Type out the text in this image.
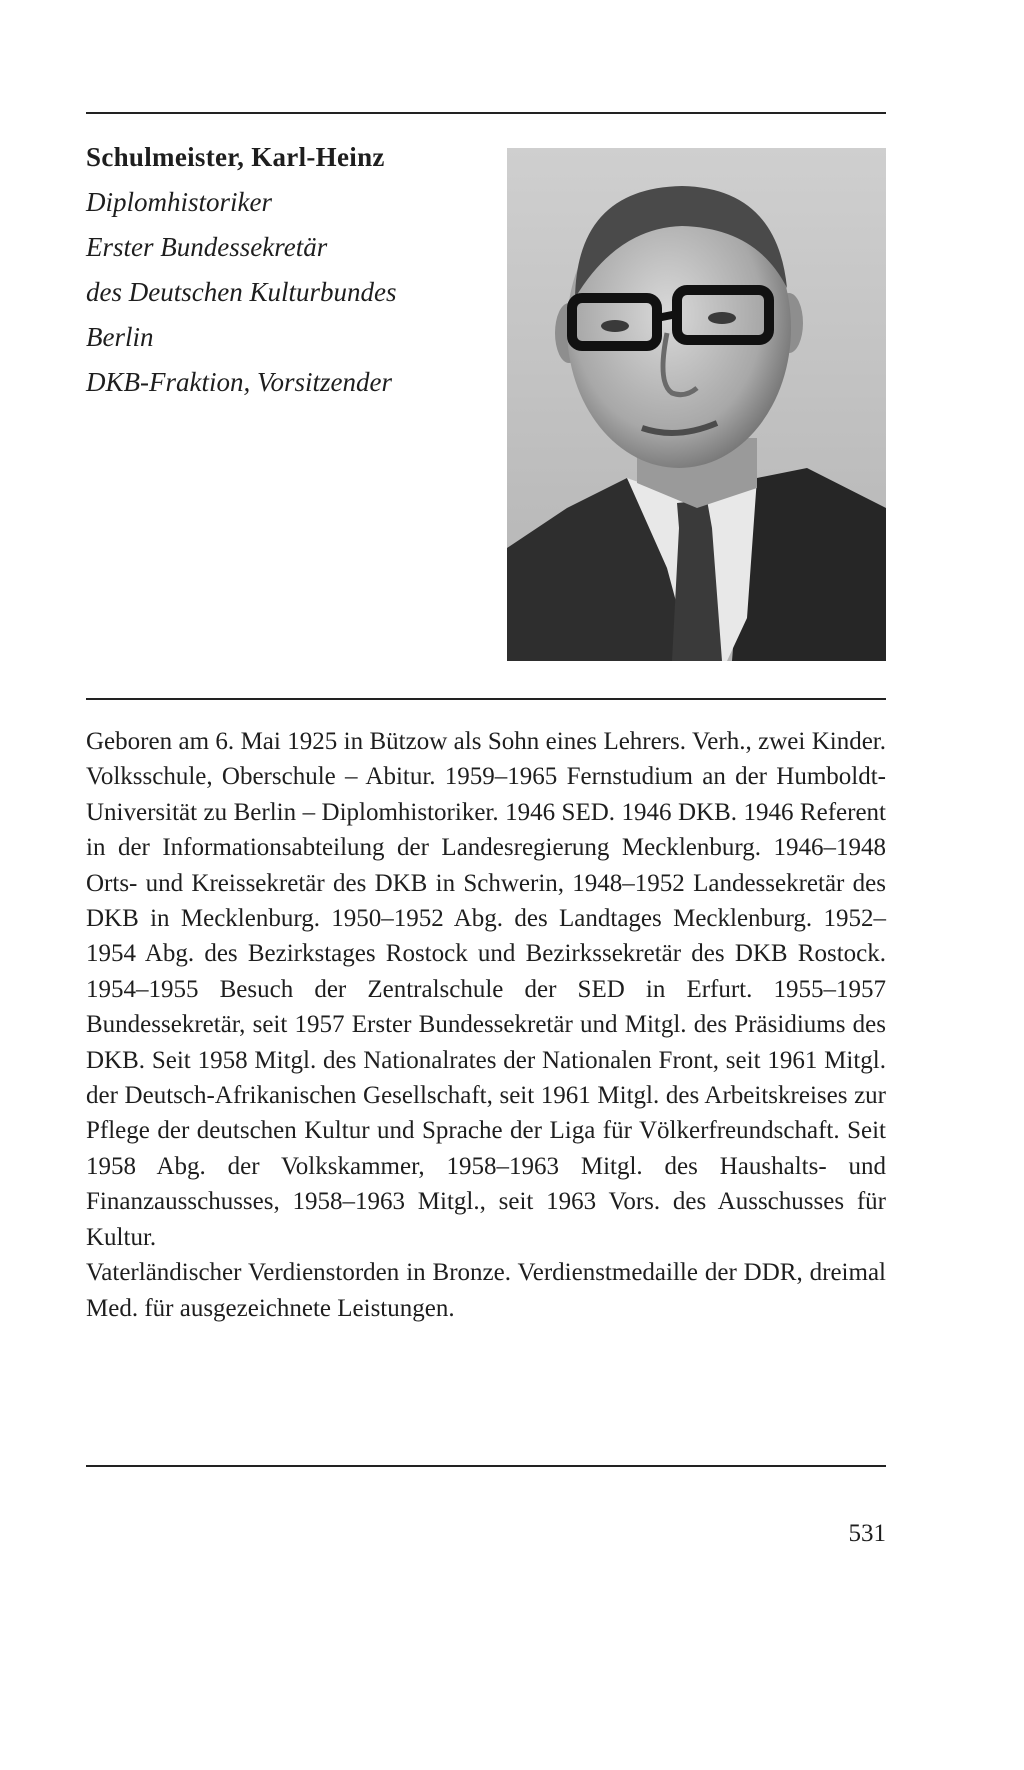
Schulmeister, Karl-Heinz
Diplomhistoriker
Erster Bundessekretär
des Deutschen Kulturbundes
Berlin
DKB-Fraktion, Vorsitzender

Geboren am 6. Mai 1925 in Bützow als Sohn eines Lehrers. Verh., zwei Kinder. Volksschule, Oberschule – Abitur. 1959–1965 Fernstudium an der Humboldt-Universität zu Berlin – Diplomhistoriker. 1946 SED. 1946 DKB. 1946 Referent in der Informationsabteilung der Landesregierung Mecklenburg. 1946–1948 Orts- und Kreissekretär des DKB in Schwerin, 1948–1952 Landessekretär des DKB in Mecklenburg. 1950–1952 Abg. des Landtages Mecklenburg. 1952–1954 Abg. des Bezirkstages Rostock und Bezirkssekretär des DKB Rostock. 1954–1955 Besuch der Zentralschule der SED in Erfurt. 1955–1957 Bundessekretär, seit 1957 Erster Bundessekretär und Mitgl. des Präsidiums des DKB. Seit 1958 Mitgl. des Nationalrates der Nationalen Front, seit 1961 Mitgl. der Deutsch-Afrikanischen Gesellschaft, seit 1961 Mitgl. des Arbeitskreises zur Pflege der deutschen Kultur und Sprache der Liga für Völkerfreundschaft. Seit 1958 Abg. der Volkskammer, 1958–1963 Mitgl. des Haushalts- und Finanzausschusses, 1958–1963 Mitgl., seit 1963 Vors. des Ausschusses für Kultur.

Vaterländischer Verdienstorden in Bronze. Verdienstmedaille der DDR, dreimal Med. für ausgezeichnete Leistungen.

531
